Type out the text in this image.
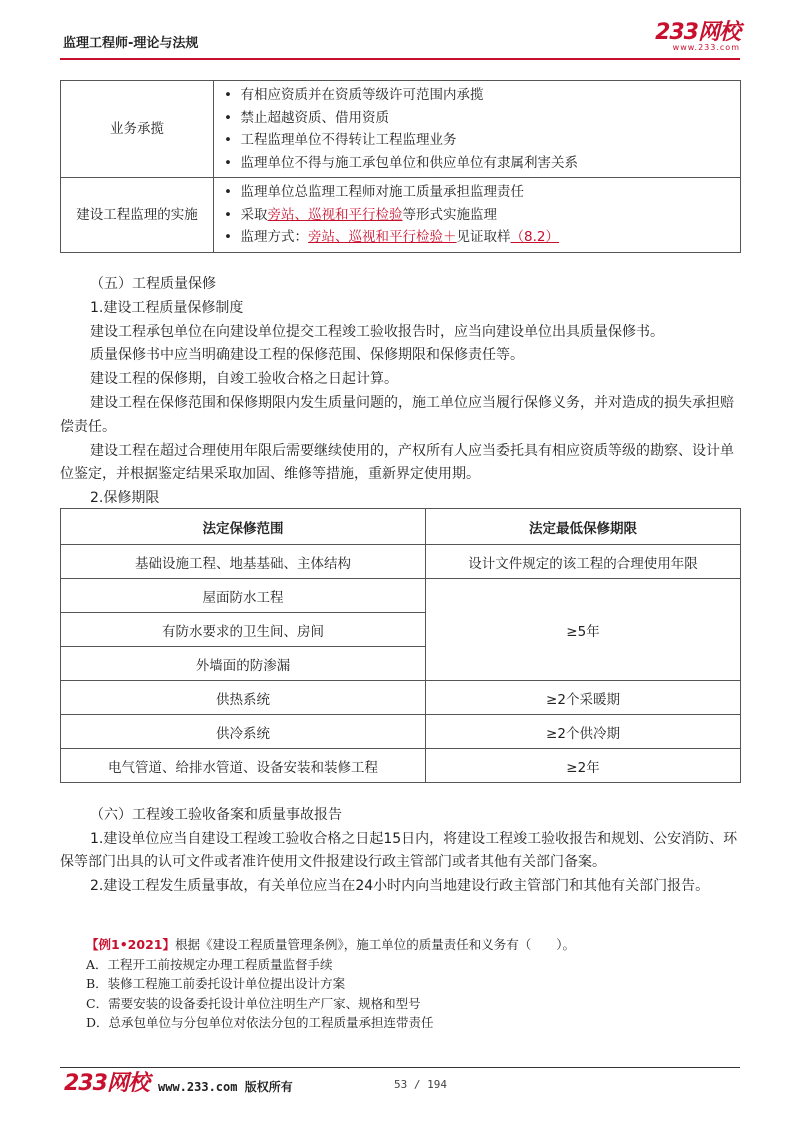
监理工程师-理论与法规	233网校
www.233.com
业务承揽	•  有相应资质并在资质等级许可范围内承揽
•  禁止超越资质、借用资质
•  工程监理单位不得转让工程监理业务
•  监理单位不得与施工承包单位和供应单位有隶属利害关系

建设工程监理的实施	•  监理单位总监理工程师对施工质量承担监理责任
•  采取旁站、巡视和平行检验等形式实施监理
•  监理方式：旁站、巡视和平行检验＋见证取样（8.2）

（五）工程质量保修

1.建设工程质量保修制度

建设工程承包单位在向建设单位提交工程竣工验收报告时，应当向建设单位出具质量保修书。

质量保修书中应当明确建设工程的保修范围、保修期限和保修责任等。

建设工程的保修期，自竣工验收合格之日起计算。

建设工程在保修范围和保修期限内发生质量问题的，施工单位应当履行保修义务，并对造成的损失承担赔偿责任。

建设工程在超过合理使用年限后需要继续使用的，产权所有人应当委托具有相应资质等级的勘察、设计单位鉴定，并根据鉴定结果采取加固、维修等措施，重新界定使用期。

2.保修期限

法定保修范围	法定最低保修期限
基础设施工程、地基基础、主体结构	设计文件规定的该工程的合理使用年限
屋面防水工程	≥5年
有防水要求的卫生间、房间	
外墙面的防渗漏	
供热系统	≥2个采暖期
供冷系统	≥2个供冷期
电气管道、给排水管道、设备安装和装修工程	≥2年

（六）工程竣工验收备案和质量事故报告

1.建设单位应当自建设工程竣工验收合格之日起15日内，将建设工程竣工验收报告和规划、公安消防、环保等部门出具的认可文件或者准许使用文件报建设行政主管部门或者其他有关部门备案。

2.建设工程发生质量事故，有关单位应当在24小时内向当地建设行政主管部门和其他有关部门报告。

【例1•2021】根据《建设工程质量管理条例》，施工单位的质量责任和义务有（　　）。
A．工程开工前按规定办理工程质量监督手续
B．装修工程施工前委托设计单位提出设计方案
C．需要安装的设备委托设计单位注明生产厂家、规格和型号
D．总承包单位与分包单位对依法分包的工程质量承担连带责任
233网校 www.233.com 版权所有	53 / 194
